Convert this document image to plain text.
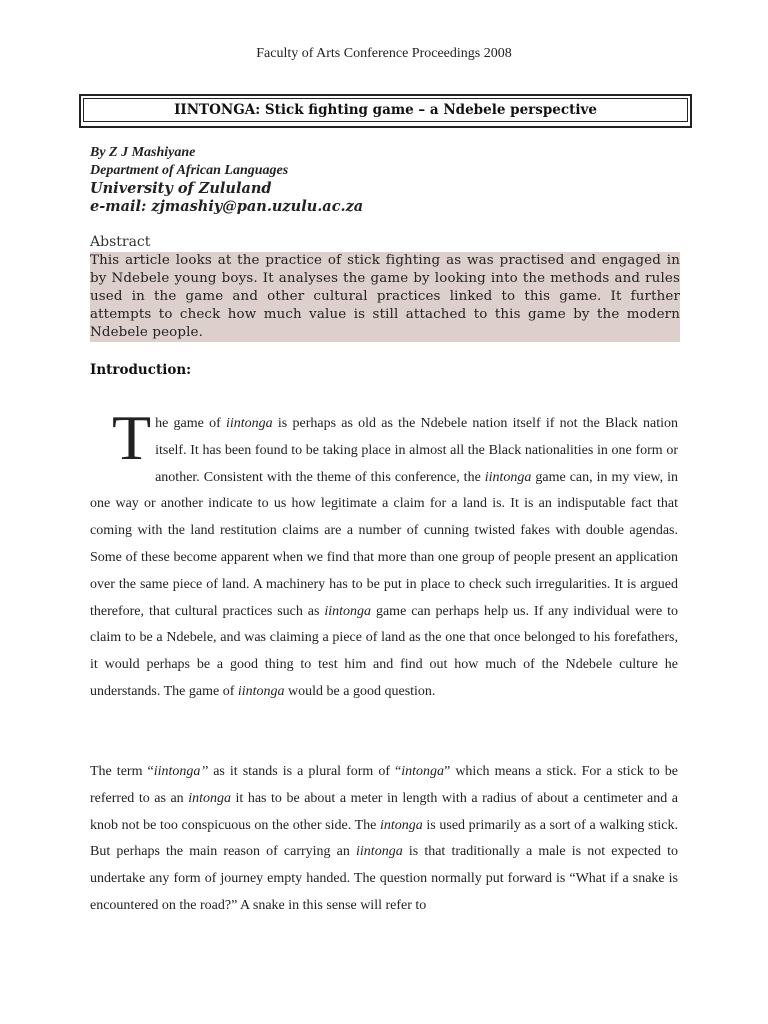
Faculty of Arts Conference Proceedings 2008
IINTONGA: Stick fighting game – a Ndebele perspective
By Z J Mashiyane
Department of African Languages
University of Zululand
e-mail: zjmashiy@pan.uzulu.ac.za
Abstract
This article looks at the practice of stick fighting as was practised and engaged in by Ndebele young boys. It analyses the game by looking into the methods and rules used in the game and other cultural practices linked to this game. It further attempts to check how much value is still attached to this game by the modern Ndebele people.
Introduction:
T he game of iintonga is perhaps as old as the Ndebele nation itself if not the Black nation itself. It has been found to be taking place in almost all the Black nationalities in one form or another. Consistent with the theme of this conference, the iintonga game can, in my view, in one way or another indicate to us how legitimate a claim for a land is. It is an indisputable fact that coming with the land restitution claims are a number of cunning twisted fakes with double agendas. Some of these become apparent when we find that more than one group of people present an application over the same piece of land. A machinery has to be put in place to check such irregularities. It is argued therefore, that cultural practices such as iintonga game can perhaps help us. If any individual were to claim to be a Ndebele, and was claiming a piece of land as the one that once belonged to his forefathers, it would perhaps be a good thing to test him and find out how much of the Ndebele culture he understands. The game of iintonga would be a good question.
The term “iintonga’’ as it stands is a plural form of “intonga” which means a stick. For a stick to be referred to as an intonga it has to be about a meter in length with a radius of about a centimeter and a knob not be too conspicuous on the other side. The intonga is used primarily as a sort of a walking stick. But perhaps the main reason of carrying an iintonga is that traditionally a male is not expected to undertake any form of journey empty handed. The question normally put forward is “What if a snake is encountered on the road?” A snake in this sense will refer to
